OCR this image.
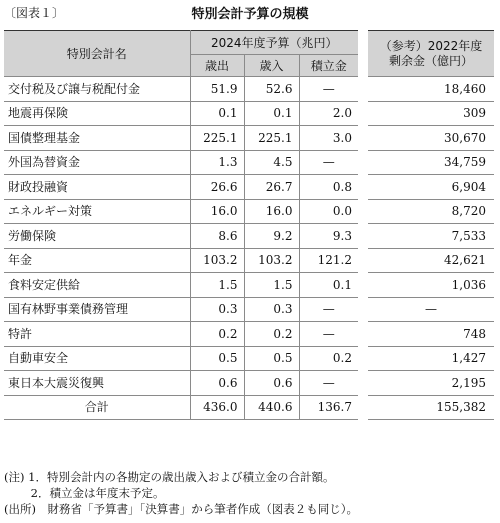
〔図表１〕	特別会計予算の規模
特別会計名	2024年度予算（兆円）				（参考）2022年度
剰余金（億円）

	歳出	歳入	積立金		
交付税及び譲与税配付金	51.9	52.6	—		18,460
地震再保険	0.1	0.1	2.0		309
国債整理基金	225.1	225.1	3.0		30,670
外国為替資金	1.3	4.5	—		34,759
財政投融資	26.6	26.7	0.8		6,904
エネルギー対策	16.0	16.0	0.0		8,720
労働保険	8.6	9.2	9.3		7,533
年金	103.2	103.2	121.2		42,621
食料安定供給	1.5	1.5	0.1		1,036
国有林野事業債務管理	0.3	0.3	—		—
特許	0.2	0.2	—		748
自動車安全	0.5	0.5	0.2		1,427
東日本大震災復興	0.6	0.6	—		2,195
合計	436.0	440.6	136.7		155,382
(注) 1．特別会計内の各勘定の歳出歳入および積立金の合計額。
　　 2．積立金は年度末予定。
(出所)　財務省「予算書」「決算書」から筆者作成（図表２も同じ）。
